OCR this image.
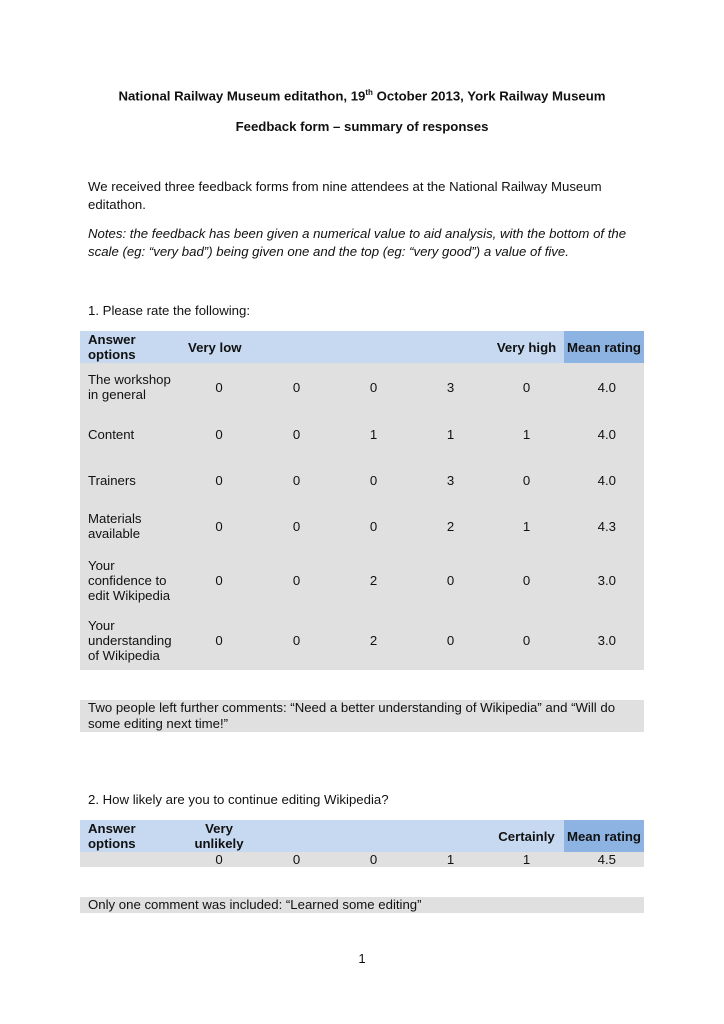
National Railway Museum editathon, 19th October 2013, York Railway Museum
Feedback form – summary of responses
We received three feedback forms from nine attendees at the National Railway Museum editathon.
Notes: the feedback has been given a numerical value to aid analysis, with the bottom of the scale (eg: “very bad”) being given one and the top (eg: “very good”) a value of five.
1. Please rate the following:
Answer options	Very low				Very high	Mean rating
The workshop in general	0	0	0	3	0	4.0
Content	0	0	1	1	1	4.0
Trainers	0	0	0	3	0	4.0
Materials available	0	0	0	2	1	4.3
Your confidence to edit Wikipedia	0	0	2	0	0	3.0
Your understanding of Wikipedia	0	0	2	0	0	3.0
Two people left further comments: “Need a better understanding of Wikipedia” and “Will do some editing next time!”
2. How likely are you to continue editing Wikipedia?
Answer options	Very unlikely				Certainly	Mean rating
	0	0	0	1	1	4.5
Only one comment was included: “Learned some editing”
1
